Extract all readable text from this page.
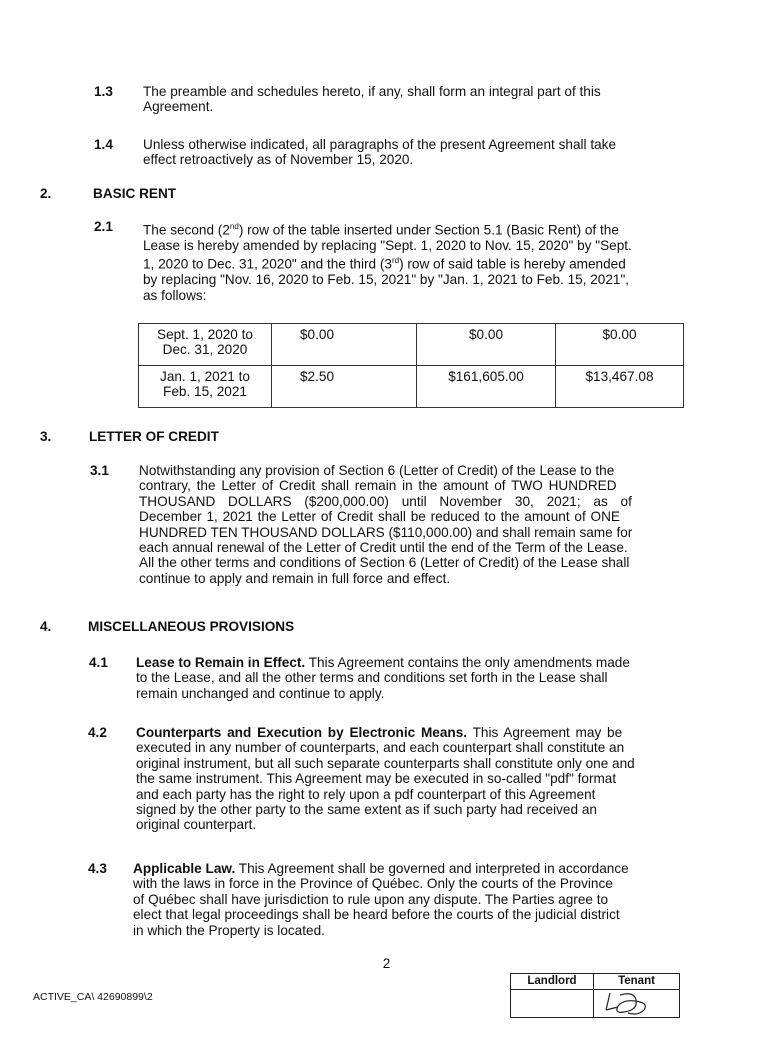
1.3 The preamble and schedules hereto, if any, shall form an integral part of this
Agreement.
1.4 Unless otherwise indicated, all paragraphs of the present Agreement shall take
effect retroactively as of November 15, 2020.
2.	BASIC RENT
2.1 The second (2nd) row of the table inserted under Section 5.1 (Basic Rent) of the
Lease is hereby amended by replacing "Sept. 1, 2020 to Nov. 15, 2020" by "Sept.
1, 2020 to Dec. 31, 2020" and the third (3rd) row of said table is hereby amended
by replacing "Nov. 16, 2020 to Feb. 15, 2021" by "Jan. 1, 2021 to Feb. 15, 2021",
as follows:
Sept. 1, 2020 to
Dec. 31, 2020	$0.00	$0.00	$0.00

Jan. 1, 2021 to
Feb. 15, 2021	$2.50	$161,605.00	$13,467.08
3.	LETTER OF CREDIT
3.1 Notwithstanding any provision of Section 6 (Letter of Credit) of the Lease to the
contrary, the Letter of Credit shall remain in the amount of TWO HUNDRED
THOUSAND DOLLARS ($200,000.00) until November 30, 2021; as of
December 1, 2021 the Letter of Credit shall be reduced to the amount of ONE
HUNDRED TEN THOUSAND DOLLARS ($110,000.00) and shall remain same for
each annual renewal of the Letter of Credit until the end of the Term of the Lease.
All the other terms and conditions of Section 6 (Letter of Credit) of the Lease shall
continue to apply and remain in full force and effect.
4.	MISCELLANEOUS PROVISIONS
4.1 Lease to Remain in Effect. This Agreement contains the only amendments made
to the Lease, and all the other terms and conditions set forth in the Lease shall
remain unchanged and continue to apply.
4.2 Counterparts and Execution by Electronic Means. This Agreement may be
executed in any number of counterparts, and each counterpart shall constitute an
original instrument, but all such separate counterparts shall constitute only one and
the same instrument. This Agreement may be executed in so-called "pdf" format
and each party has the right to rely upon a pdf counterpart of this Agreement
signed by the other party to the same extent as if such party had received an
original counterpart.
4.3 Applicable Law. This Agreement shall be governed and interpreted in accordance
with the laws in force in the Province of Québec. Only the courts of the Province
of Québec shall have jurisdiction to rule upon any dispute. The Parties agree to
elect that legal proceedings shall be heard before the courts of the judicial district
in which the Property is located.
2
ACTIVE_CA\ 42690899\2
Landlord	Tenant
